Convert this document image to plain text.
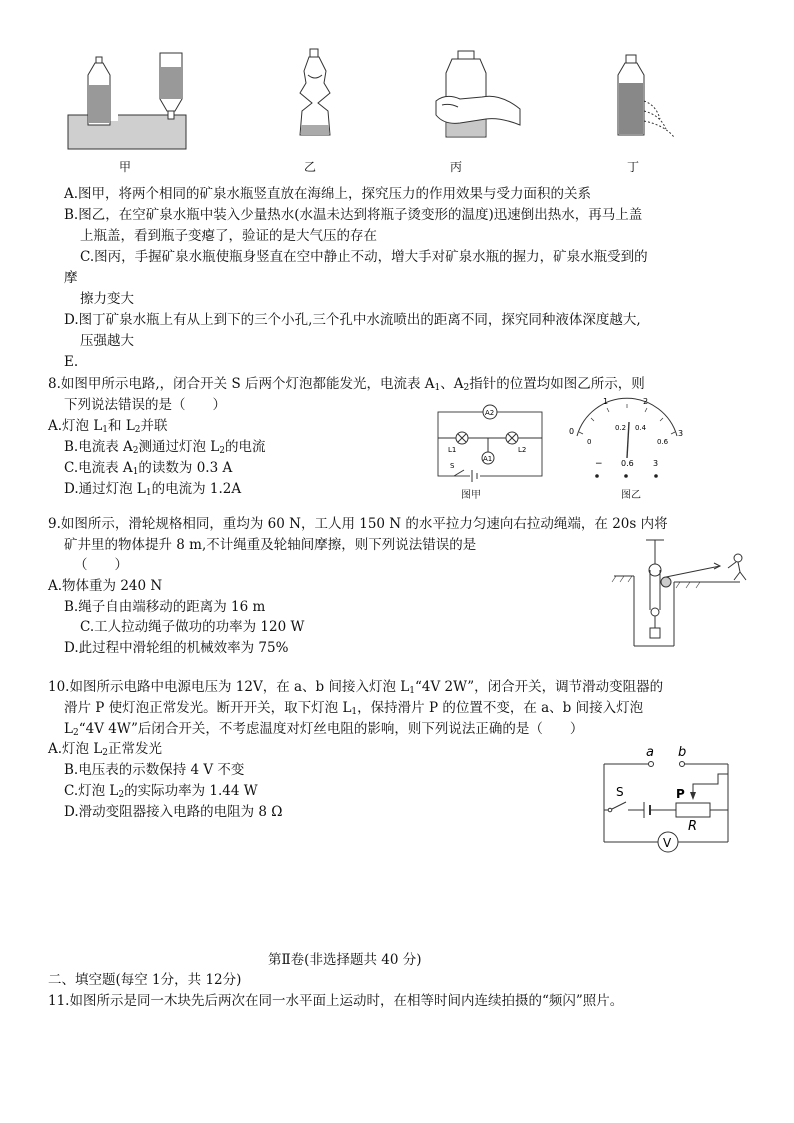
甲	乙	丙	丁
A.图甲，将两个相同的矿泉水瓶竖直放在海绵上，探究压力的作用效果与受力面积的关系
B.图乙，在空矿泉水瓶中装入少量热水(水温未达到将瓶子烫变形的温度)迅速倒出热水，再马上盖
上瓶盖，看到瓶子变瘪了，验证的是大气压的存在
C.图丙，手握矿泉水瓶使瓶身竖直在空中静止不动，增大手对矿泉水瓶的握力，矿泉水瓶受到的
摩
擦力变大
D.图丁矿泉水瓶上有从上到下的三个小孔,三个孔中水流喷出的距离不同，探究同种液体深度越大,
压强越大
E.
8.如图甲所示电路,，闭合开关 S 后两个灯泡都能发光，电流表 $A_1$、$A_2$指针的位置均如图乙所示，则
下列说法错误的是（　　）
A.灯泡 $L_1$和 $L_2$并联
B.电流表 $A_2$测通过灯泡 $L_2$的电流
C.电流表 $A_1$的读数为 0.3 A
D.通过灯泡 $L_1$的电流为 1.2A
A2
L1	L2
A1
S
图甲
0
1	2
3
0
0.2 0.4
0.6
− 0.6 3
图乙
9.如图所示，滑轮规格相同，重均为 60 N，工人用 150 N 的水平拉力匀速向右拉动绳端，在 20s 内将
矿井里的物体提升 8 m,不计绳重及轮轴间摩擦，则下列说法错误的是
（　　）
A.物体重为 240 N
B.绳子自由端移动的距离为 16 m
C.工人拉动绳子做功的功率为 120 W
D.此过程中滑轮组的机械效率为 75%
10.如图所示电路中电源电压为 12V，在 a、b 间接入灯泡 $L_1“4V$ 2W”，闭合开关，调节滑动变阻器的
滑片 P 使灯泡正常发光。断开开关，取下灯泡 $L_1$，保持滑片 P 的位置不变，在 a、b 间接入灯泡
$L_2“4V$ 4W”后闭合开关，不考虑温度对灯丝电阻的影响，则下列说法正确的是（　　）
A.灯泡 $L_2$正常发光
B.电压表的示数保持 4 V 不变
C.灯泡 $L_2$的实际功率为 1.44 W
D.滑动变阻器接入电路的电阻为 8 Ω
a b
S	P
R
V
第Ⅱ卷(非选择题共 40 分)
二、填空题(每空 1分，共 12分)
11.如图所示是同一木块先后两次在同一水平面上运动时，在相等时间内连续拍摄的“频闪”照片。
